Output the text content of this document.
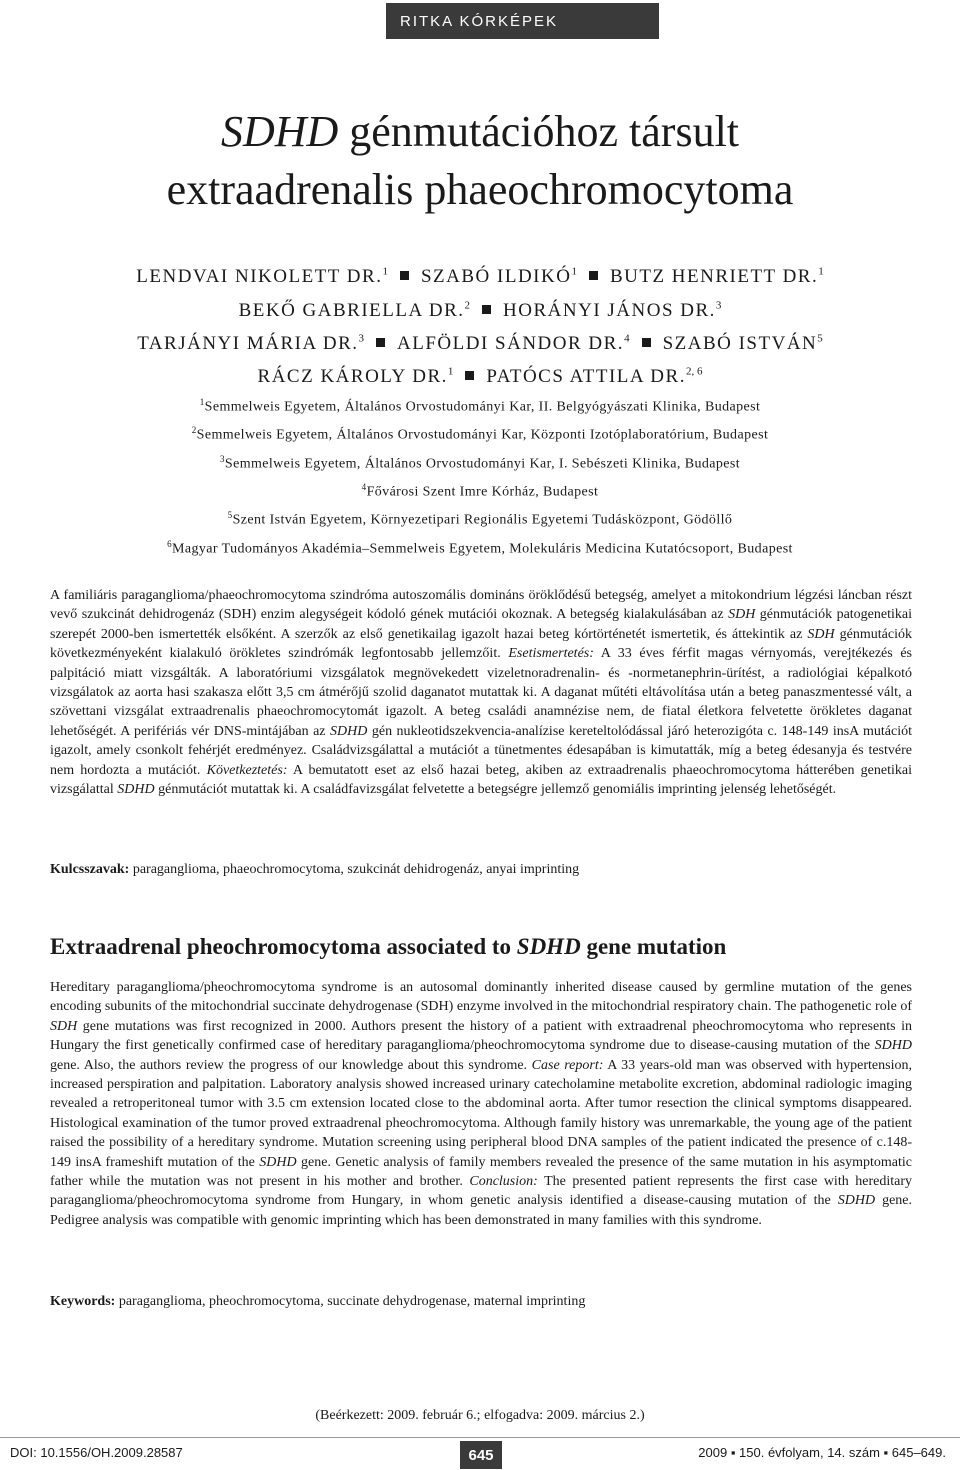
RITKA KÓRKÉPEK
SDHD génmutációhoz társult
extraadrenalis phaeochromocytoma
LENDVAI NIKOLETT DR.$^1$ SZABÓ ILDIKÓ$^1$ BUTZ HENRIETT DR.$^1$
BEKŐ GABRIELLA DR.$^2$ HORÁNYI JÁNOS DR.$^3$
TARJÁNYI MÁRIA DR.$^3$ ALFÖLDI SÁNDOR DR.$^4$ SZABÓ ISTVÁN$^5$
RÁCZ KÁROLY DR.$^1$ PATÓCS ATTILA DR.$^{2, 6}$
$^1$Semmelweis Egyetem, Általános Orvostudományi Kar, II. Belgyógyászati Klinika, Budapest
$^2$Semmelweis Egyetem, Általános Orvostudományi Kar, Központi Izotóplaboratórium, Budapest
$^3$Semmelweis Egyetem, Általános Orvostudományi Kar, I. Sebészeti Klinika, Budapest
$^4$Fővárosi Szent Imre Kórház, Budapest
$^5$Szent István Egyetem, Környezetipari Regionális Egyetemi Tudásközpont, Gödöllő
$^6$Magyar Tudományos Akadémia–Semmelweis Egyetem, Molekuláris Medicina Kutatócsoport, Budapest

A familiáris paraganglioma/phaeochromocytoma szindróma autoszomális domináns öröklődésű betegség, amelyet a mitokondrium légzési láncban részt vevő szukcinát dehidrogenáz (SDH) enzim alegységeit kódoló gének mutációi okoznak. A betegség kialakulásában az SDH génmutációk patogenetikai szerepét 2000-ben ismertették elsőként. A szerzők az első genetikailag igazolt hazai beteg kórtörténetét ismertetik, és áttekintik az SDH génmutációk következményeként kialakuló örökletes szindrómák legfontosabb jellemzőit. Esetismertetés: A 33 éves férfit magas vérnyomás, verejtékezés és palpitáció miatt vizsgálták. A laboratóriumi vizsgálatok megnövekedett vizeletnoradrenalin- és -normetanephrin-ürítést, a radiológiai képalkotó vizsgálatok az aorta hasi szakasza előtt 3,5 cm átmérőjű szolid daganatot mutattak ki. A daganat műtéti eltávolítása után a beteg panaszmentessé vált, a szövettani vizsgálat extraadrenalis phaeochromocytomát igazolt. A beteg családi anamnézise nem, de fiatal életkora felvetette örökletes daganat lehetőségét. A perifériás vér DNS-mintájában az SDHD gén nukleotidszekvencia-analízise kereteltolódással járó heterozigóta c. 148-149 insA mutációt igazolt, amely csonkolt fehérjét eredményez. Családvizsgálattal a mutációt a tünetmentes édesapában is kimutatták, míg a beteg édesanyja és testvére nem hordozta a mutációt. Következtetés: A bemutatott eset az első hazai beteg, akiben az extraadrenalis phaeochromocytoma hátterében genetikai vizsgálattal SDHD génmutációt mutattak ki. A családfavizsgálat felvetette a betegségre jellemző genomiális imprinting jelenség lehetőségét.

Kulcsszavak: paraganglioma, phaeochromocytoma, szukcinát dehidrogenáz, anyai imprinting

Extraadrenal pheochromocytoma associated to SDHD gene mutation

Hereditary paraganglioma/pheochromocytoma syndrome is an autosomal dominantly inherited disease caused by germline mutation of the genes encoding subunits of the mitochondrial succinate dehydrogenase (SDH) enzyme involved in the mitochondrial respiratory chain. The pathogenetic role of SDH gene mutations was first recognized in 2000. Authors present the history of a patient with extraadrenal pheochromocytoma who represents in Hungary the first genetically confirmed case of hereditary paraganglioma/pheochromocytoma syndrome due to disease-causing mutation of the SDHD gene. Also, the authors review the progress of our knowledge about this syndrome. Case report: A 33 years-old man was observed with hypertension, increased perspiration and palpitation. Laboratory analysis showed increased urinary catecholamine metabolite excretion, abdominal radiologic imaging revealed a retroperitoneal tumor with 3.5 cm extension located close to the abdominal aorta. After tumor resection the clinical symptoms disappeared. Histological examination of the tumor proved extraadrenal pheochromocytoma. Although family history was unremarkable, the young age of the patient raised the possibility of a hereditary syndrome. Mutation screening using peripheral blood DNA samples of the patient indicated the presence of c.148-149 insA frameshift mutation of the SDHD gene. Genetic analysis of family members revealed the presence of the same mutation in his asymptomatic father while the mutation was not present in his mother and brother. Conclusion: The presented patient represents the first case with hereditary paraganglioma/pheochromocytoma syndrome from Hungary, in whom genetic analysis identified a disease-causing mutation of the SDHD gene. Pedigree analysis was compatible with genomic imprinting which has been demonstrated in many families with this syndrome.

Keywords: paraganglioma, pheochromocytoma, succinate dehydrogenase, maternal imprinting

(Beérkezett: 2009. február 6.; elfogadva: 2009. március 2.)
DOI: 10.1556/OH.2009.28587	645	2009 ▪ 150. évfolyam, 14. szám ▪ 645–649.
